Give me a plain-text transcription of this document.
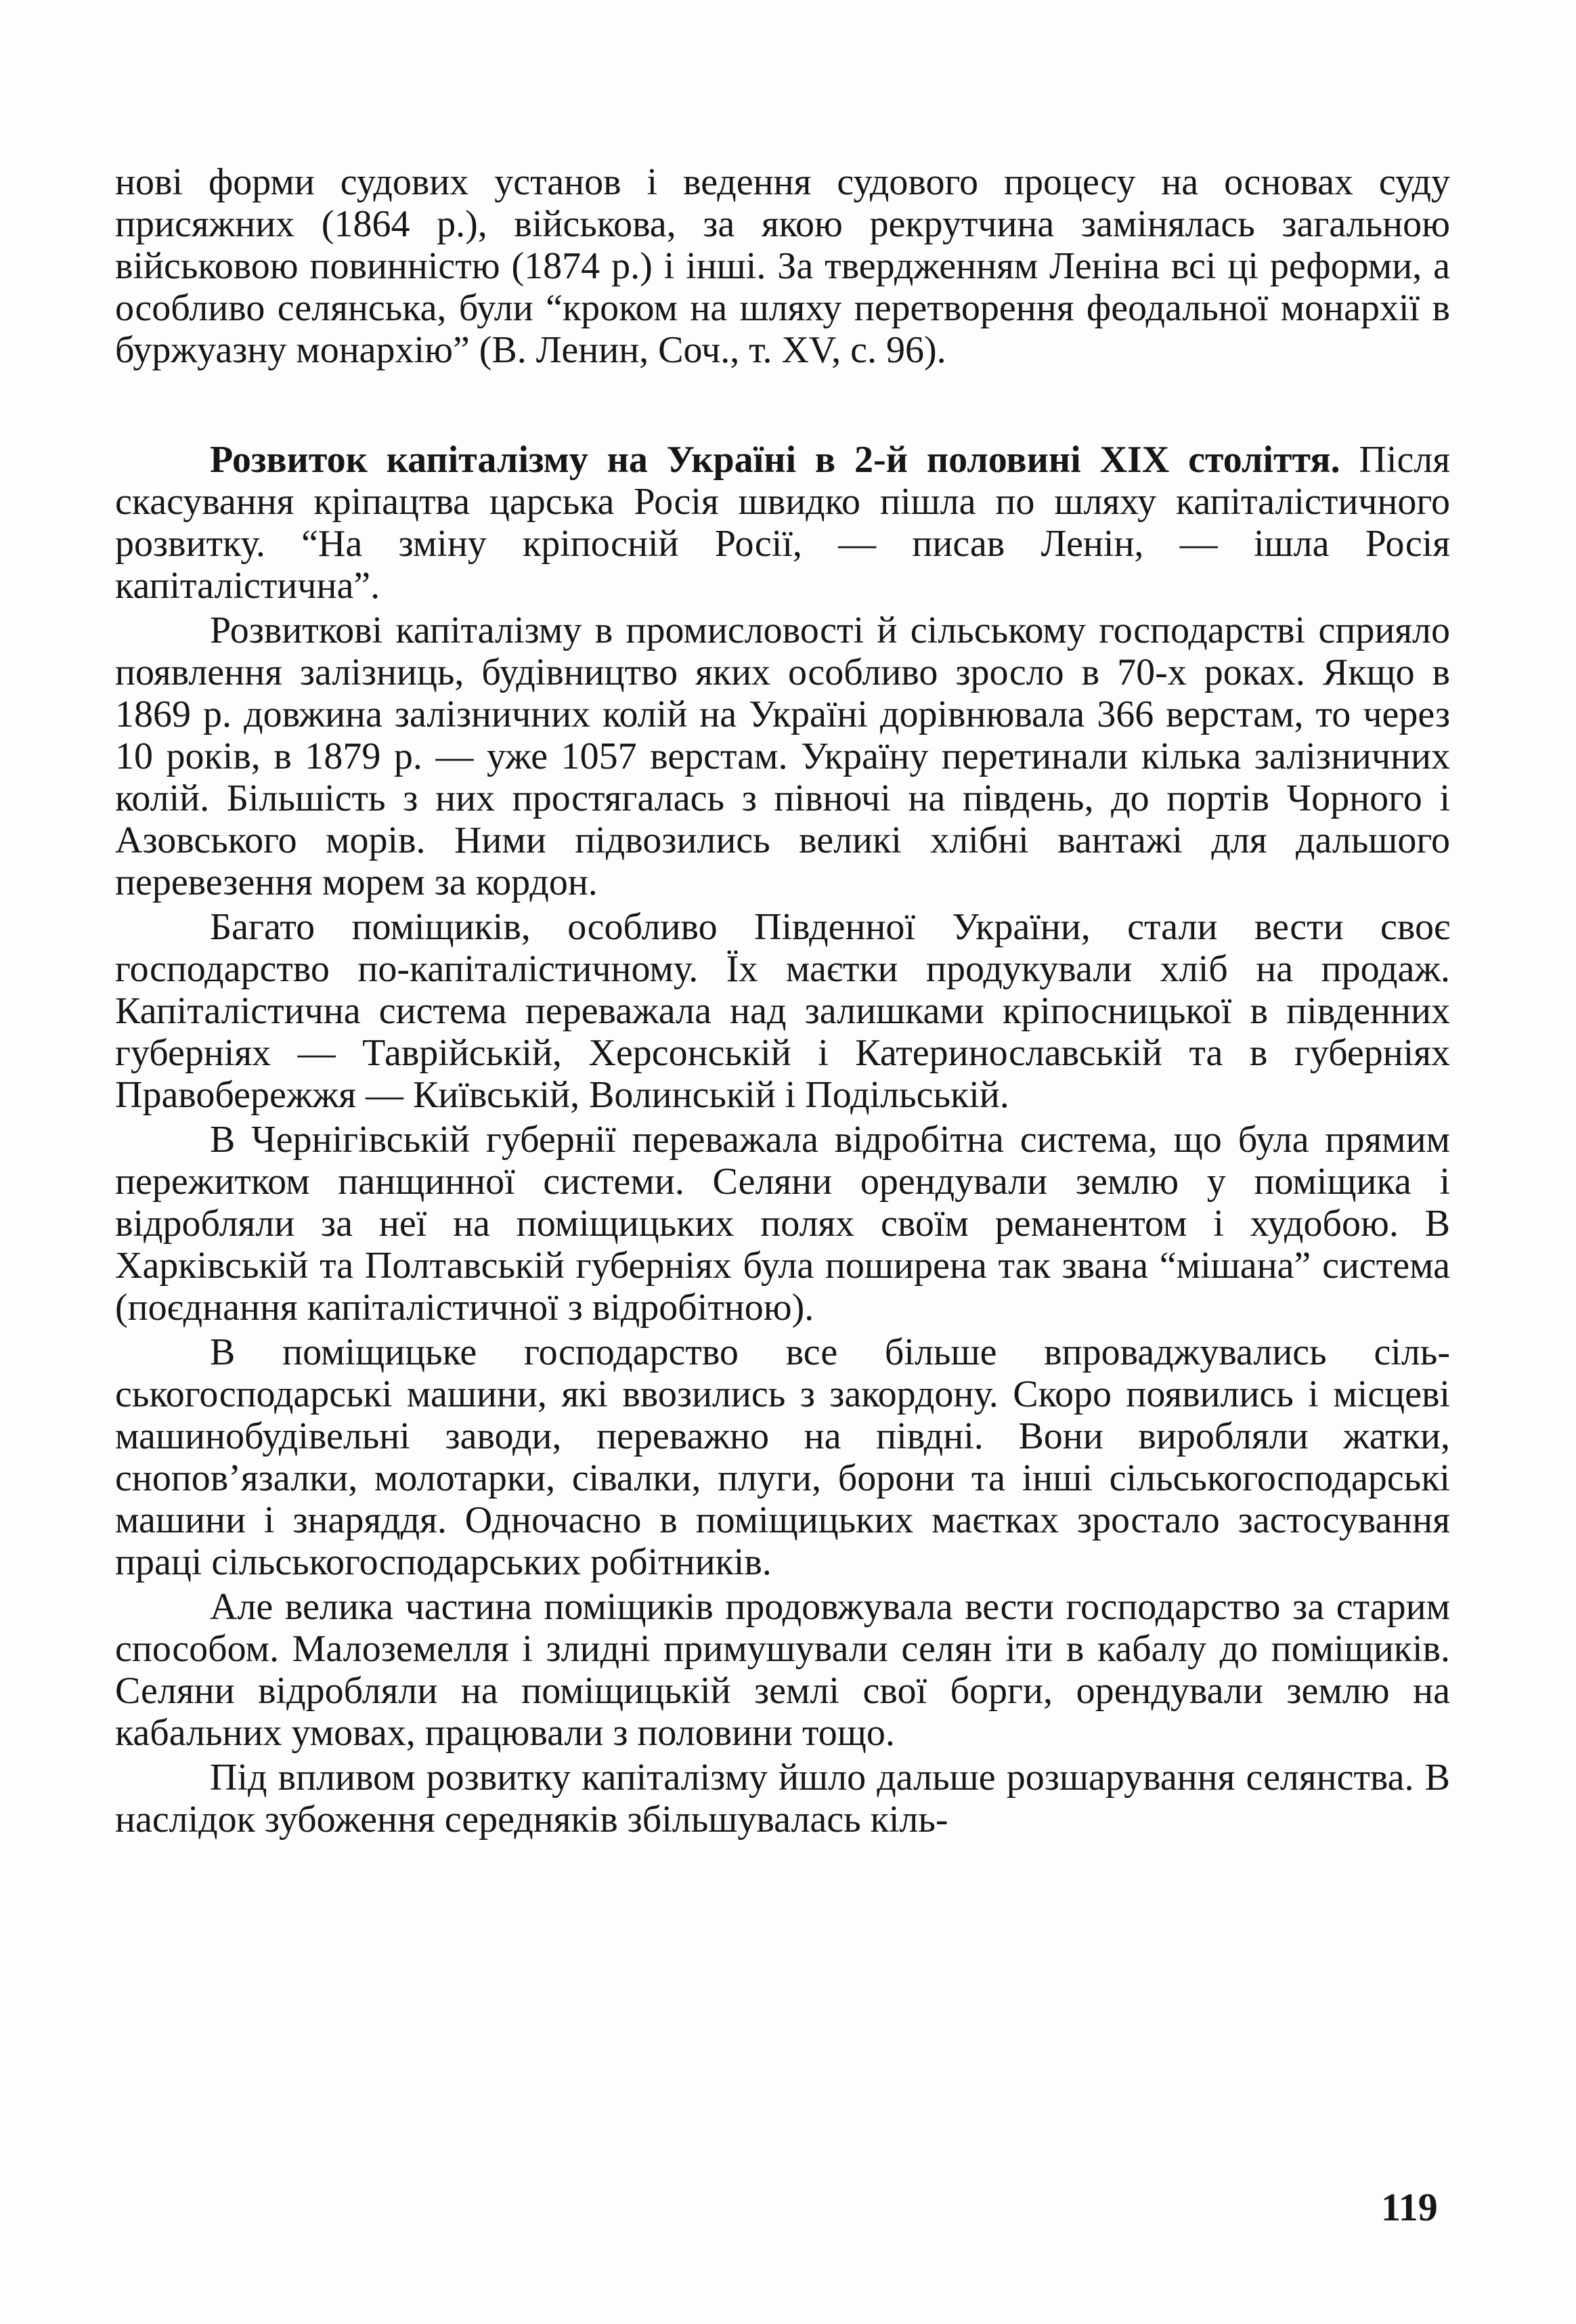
нові форми судових установ і ведення судового процесу на основах суду присяжних (1864 р.), військова, за якою рекрутчина замінялась загальною військовою повинністю (1874 р.) і інші. За твердженням Леніна всі ці реформи, а особливо селянська, були “кроком на шляху перетворення феодальної монархії в буржуазну монархію” (В. Ленин, Соч., т. XV, с. 96).

Розвиток капіталізму на Україні в 2-й половині XIX століття. Після скасування кріпацтва царська Росія швидко пішла по шляху капіталістичного розвитку. “На зміну кріпосній Росії, — писав Ленін, — ішла Росія капіталістична”.

Розвиткові капіталізму в промисловості й сільському господарстві сприяло появлення залізниць, будівництво яких особливо зросло в 70-х роках. Якщо в 1869 р. довжина залізничних колій на Україні дорівнювала 366 верстам, то через 10 років, в 1879 р. — уже 1057 верстам. Україну перетинали кілька залізничних колій. Більшість з них простягалась з півночі на південь, до портів Чорного і Азовського морів. Ними підвозились великі хлібні вантажі для дальшого перевезення морем за кордон.

Багато поміщиків, особливо Південної України, стали вести своє господарство по-капіталістичному. Їх маєтки продукували хліб на продаж. Капіталістична система переважала над залишками кріпосницької в південних губерніях — Таврійській, Херсонській і Катеринославській та в губерніях Правобережжя — Київській, Волинській і Подільській.

В Чернігівській губернії переважала відробітна система, що була прямим пережитком панщинної системи. Селяни орендували землю у поміщика і відробляли за неї на поміщицьких полях своїм реманентом і худобою. В Харківській та Полтавській губерніях була поширена так звана “мішана” система (поєднання капіталістичної з відробітною).

В поміщицьке господарство все більше впроваджувались сільськогосподарські машини, які ввозились з закордону. Скоро появились і місцеві машинобудівельні заводи, переважно на півдні. Вони виробляли жатки, снопов’язалки, молотарки, сівалки, плуги, борони та інші сільськогосподарські машини і знаряддя. Одночасно в поміщицьких маєтках зростало застосування праці сільськогосподарських робітників.

Але велика частина поміщиків продовжувала вести господарство за старим способом. Малоземелля і злидні примушували селян іти в кабалу до поміщиків. Селяни відробляли на поміщицькій землі свої борги, орендували землю на кабальних умовах, працювали з половини тощо.

Під впливом розвитку капіталізму йшло дальше розшарування селянства. В наслідок зубоження середняків збільшувалась кіль-

119
